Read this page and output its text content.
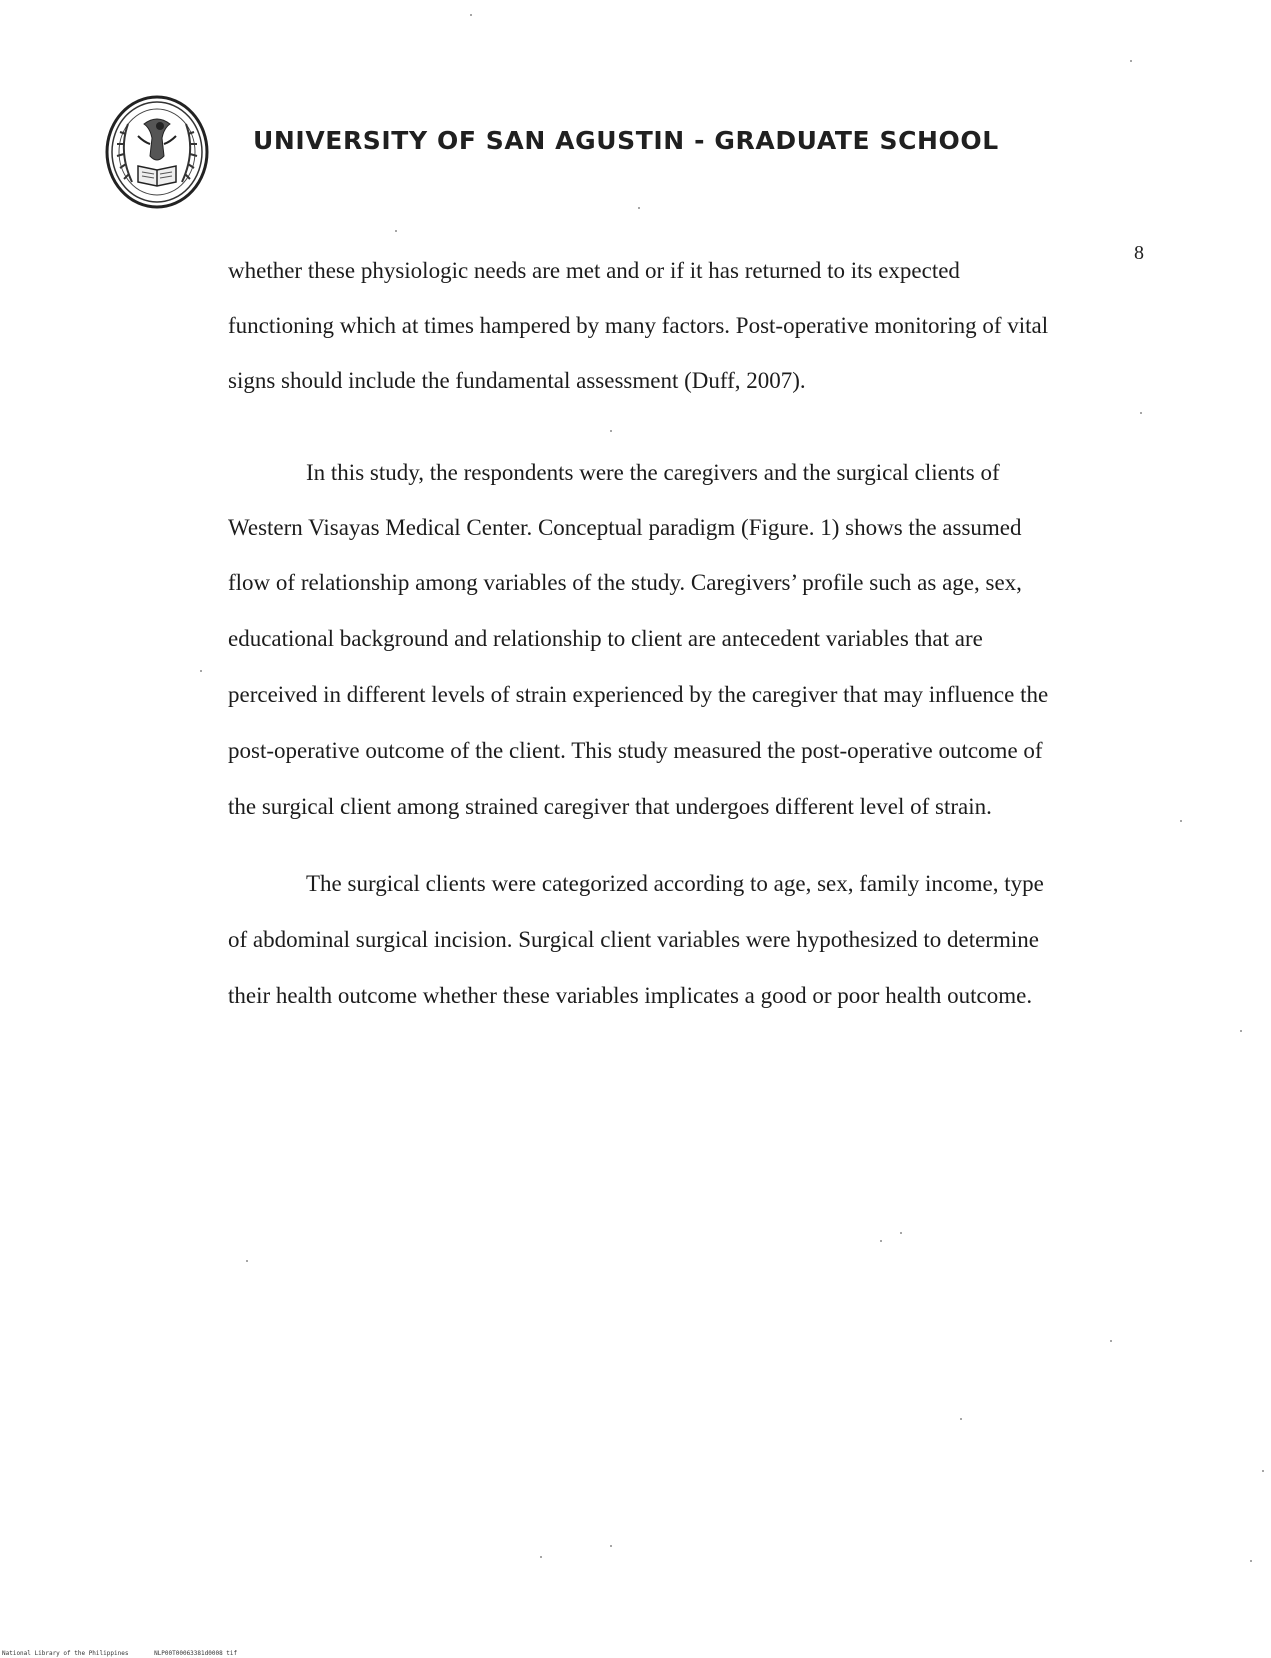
UNIVERSITY OF SAN AGUSTIN - GRADUATE SCHOOL
8
whether these physiologic needs are met and or if it has returned to its expected
functioning which at times hampered by many factors. Post-operative monitoring of vital
signs should include the fundamental assessment (Duff, 2007).
In this study, the respondents were the caregivers and the surgical clients of
Western Visayas Medical Center. Conceptual paradigm (Figure. 1) shows the assumed
flow of relationship among variables of the study. Caregivers’ profile such as age, sex,
educational background and relationship to client are antecedent variables that are
perceived in different levels of strain experienced by the caregiver that may influence the
post-operative outcome of the client. This study measured the post-operative outcome of
the surgical client among strained caregiver that undergoes different level of strain.
The surgical clients were categorized according to age, sex, family income, type
of abdominal surgical incision. Surgical client variables were hypothesized to determine
their health outcome whether these variables implicates a good or poor health outcome.
National Library of the Philippines	NLP00T00063381d0008 tif
